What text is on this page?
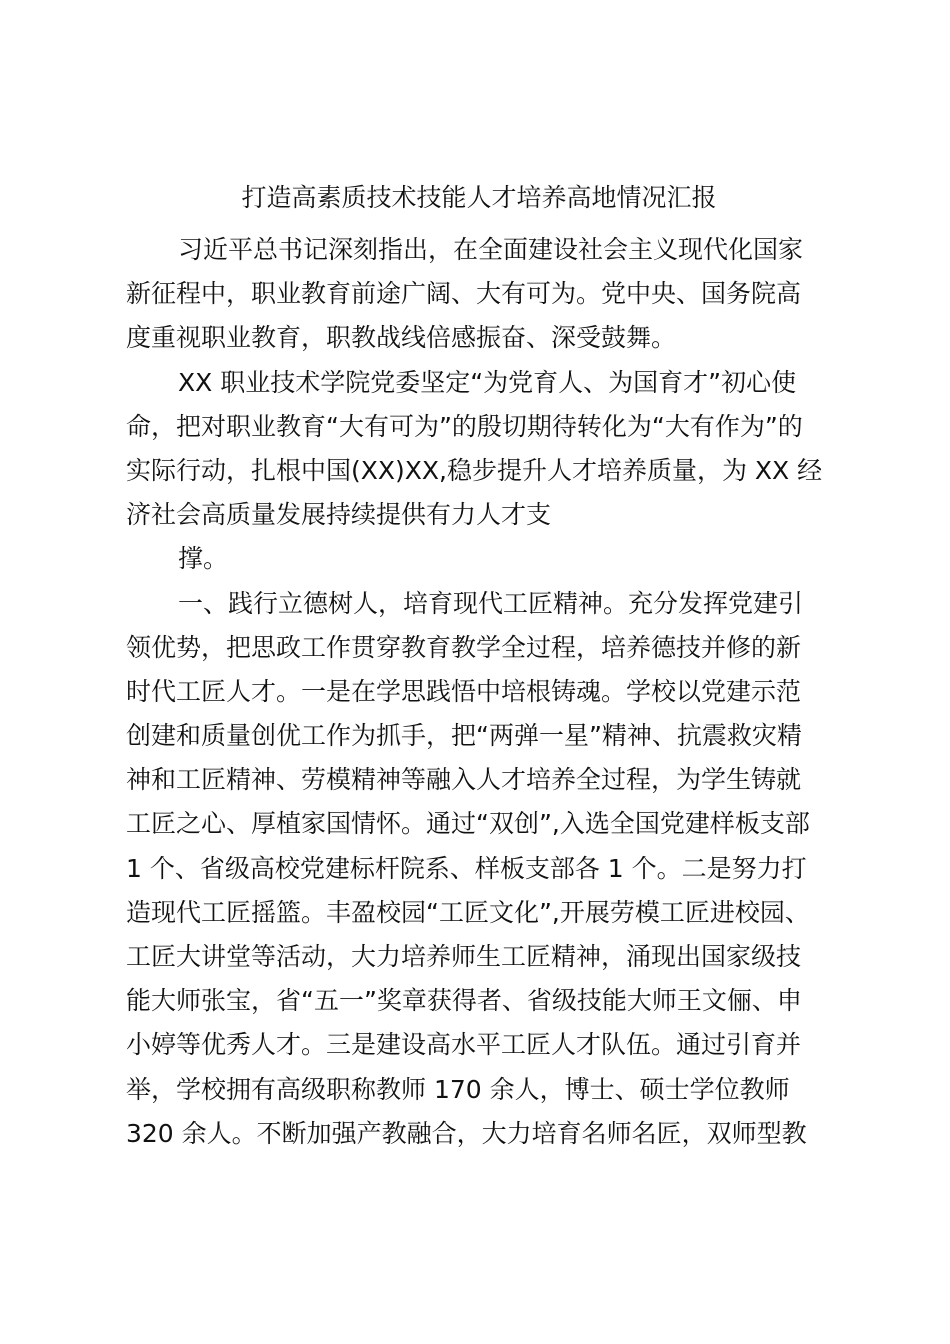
打造高素质技术技能人才培养高地情况汇报
习近平总书记深刻指出，在全面建设社会主义现代化国家
新征程中，职业教育前途广阔、大有可为。党中央、国务院高
度重视职业教育，职教战线倍感振奋、深受鼓舞。
XX 职业技术学院党委坚定“为党育人、为国育才”初心使
命，把对职业教育“大有可为”的殷切期待转化为“大有作为”的
实际行动，扎根中国(XX)XX,稳步提升人才培养质量，为 XX 经
济社会高质量发展持续提供有力人才支
撑。
一、践行立德树人，培育现代工匠精神。充分发挥党建引
领优势，把思政工作贯穿教育教学全过程，培养德技并修的新
时代工匠人才。一是在学思践悟中培根铸魂。学校以党建示范
创建和质量创优工作为抓手，把“两弹一星”精神、抗震救灾精
神和工匠精神、劳模精神等融入人才培养全过程，为学生铸就
工匠之心、厚植家国情怀。通过“双创”,入选全国党建样板支部
1 个、省级高校党建标杆院系、样板支部各 1 个。二是努力打
造现代工匠摇篮。丰盈校园“工匠文化”,开展劳模工匠进校园、
工匠大讲堂等活动，大力培养师生工匠精神，涌现出国家级技
能大师张宝，省“五一”奖章获得者、省级技能大师王文俪、申
小婷等优秀人才。三是建设高水平工匠人才队伍。通过引育并
举，学校拥有高级职称教师 170 余人，博士、硕士学位教师
320 余人。不断加强产教融合，大力培育名师名匠，双师型教
